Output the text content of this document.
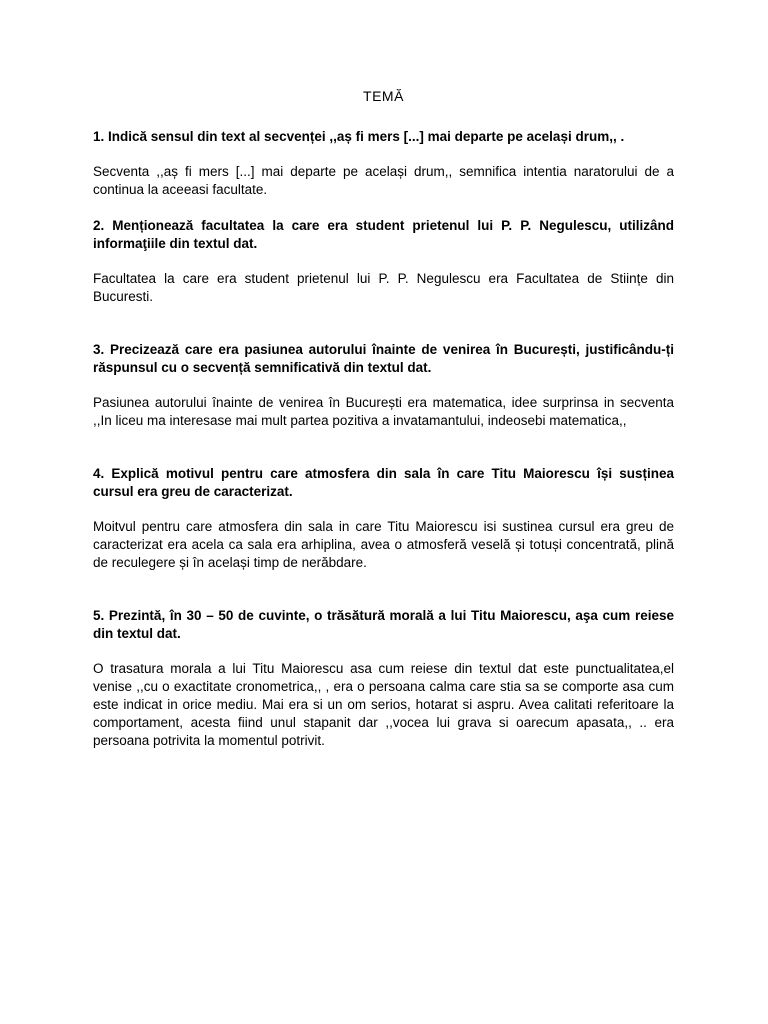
TEMĂ

1. Indică sensul din text al secvenței ,,aș fi mers [...] mai departe pe același drum,, .

Secventa ,,aș fi mers [...] mai departe pe același drum,, semnifica intentia naratorului de a continua la aceeasi facultate.

2. Menționează facultatea la care era student prietenul lui P. P. Negulescu, utilizând informaţiile din textul dat.

Facultatea la care era student prietenul lui P. P. Negulescu era Facultatea de Stiințe din Bucuresti.

3. Precizează care era pasiunea autorului înainte de venirea în București, justificându-ți răspunsul cu o secvență semnificativă din textul dat.

Pasiunea autorului înainte de venirea în București era matematica, idee surprinsa in secventa ,,In liceu ma interesase mai mult partea pozitiva a invatamantului, indeosebi matematica,,

4. Explică motivul pentru care atmosfera din sala în care Titu Maiorescu își susținea cursul era greu de caracterizat.

Moitvul pentru care atmosfera din sala in care Titu Maiorescu isi sustinea cursul era greu de caracterizat era acela ca sala era arhiplina, avea o atmosferă veselă și totuși concentrată, plină de reculegere și în același timp de nerăbdare.

5. Prezintă, în 30 – 50 de cuvinte, o trăsătură morală a lui Titu Maiorescu, aşa cum reiese din textul dat.

O trasatura morala a lui Titu Maiorescu asa cum reiese din textul dat este punctualitatea,el venise ,,cu o exactitate cronometrica,, , era o persoana calma care stia sa se comporte asa cum este indicat in orice mediu. Mai era si un om serios, hotarat si aspru. Avea calitati referitoare la comportament, acesta fiind unul stapanit dar ,,vocea lui grava si oarecum apasata,, .. era persoana potrivita la momentul potrivit.
